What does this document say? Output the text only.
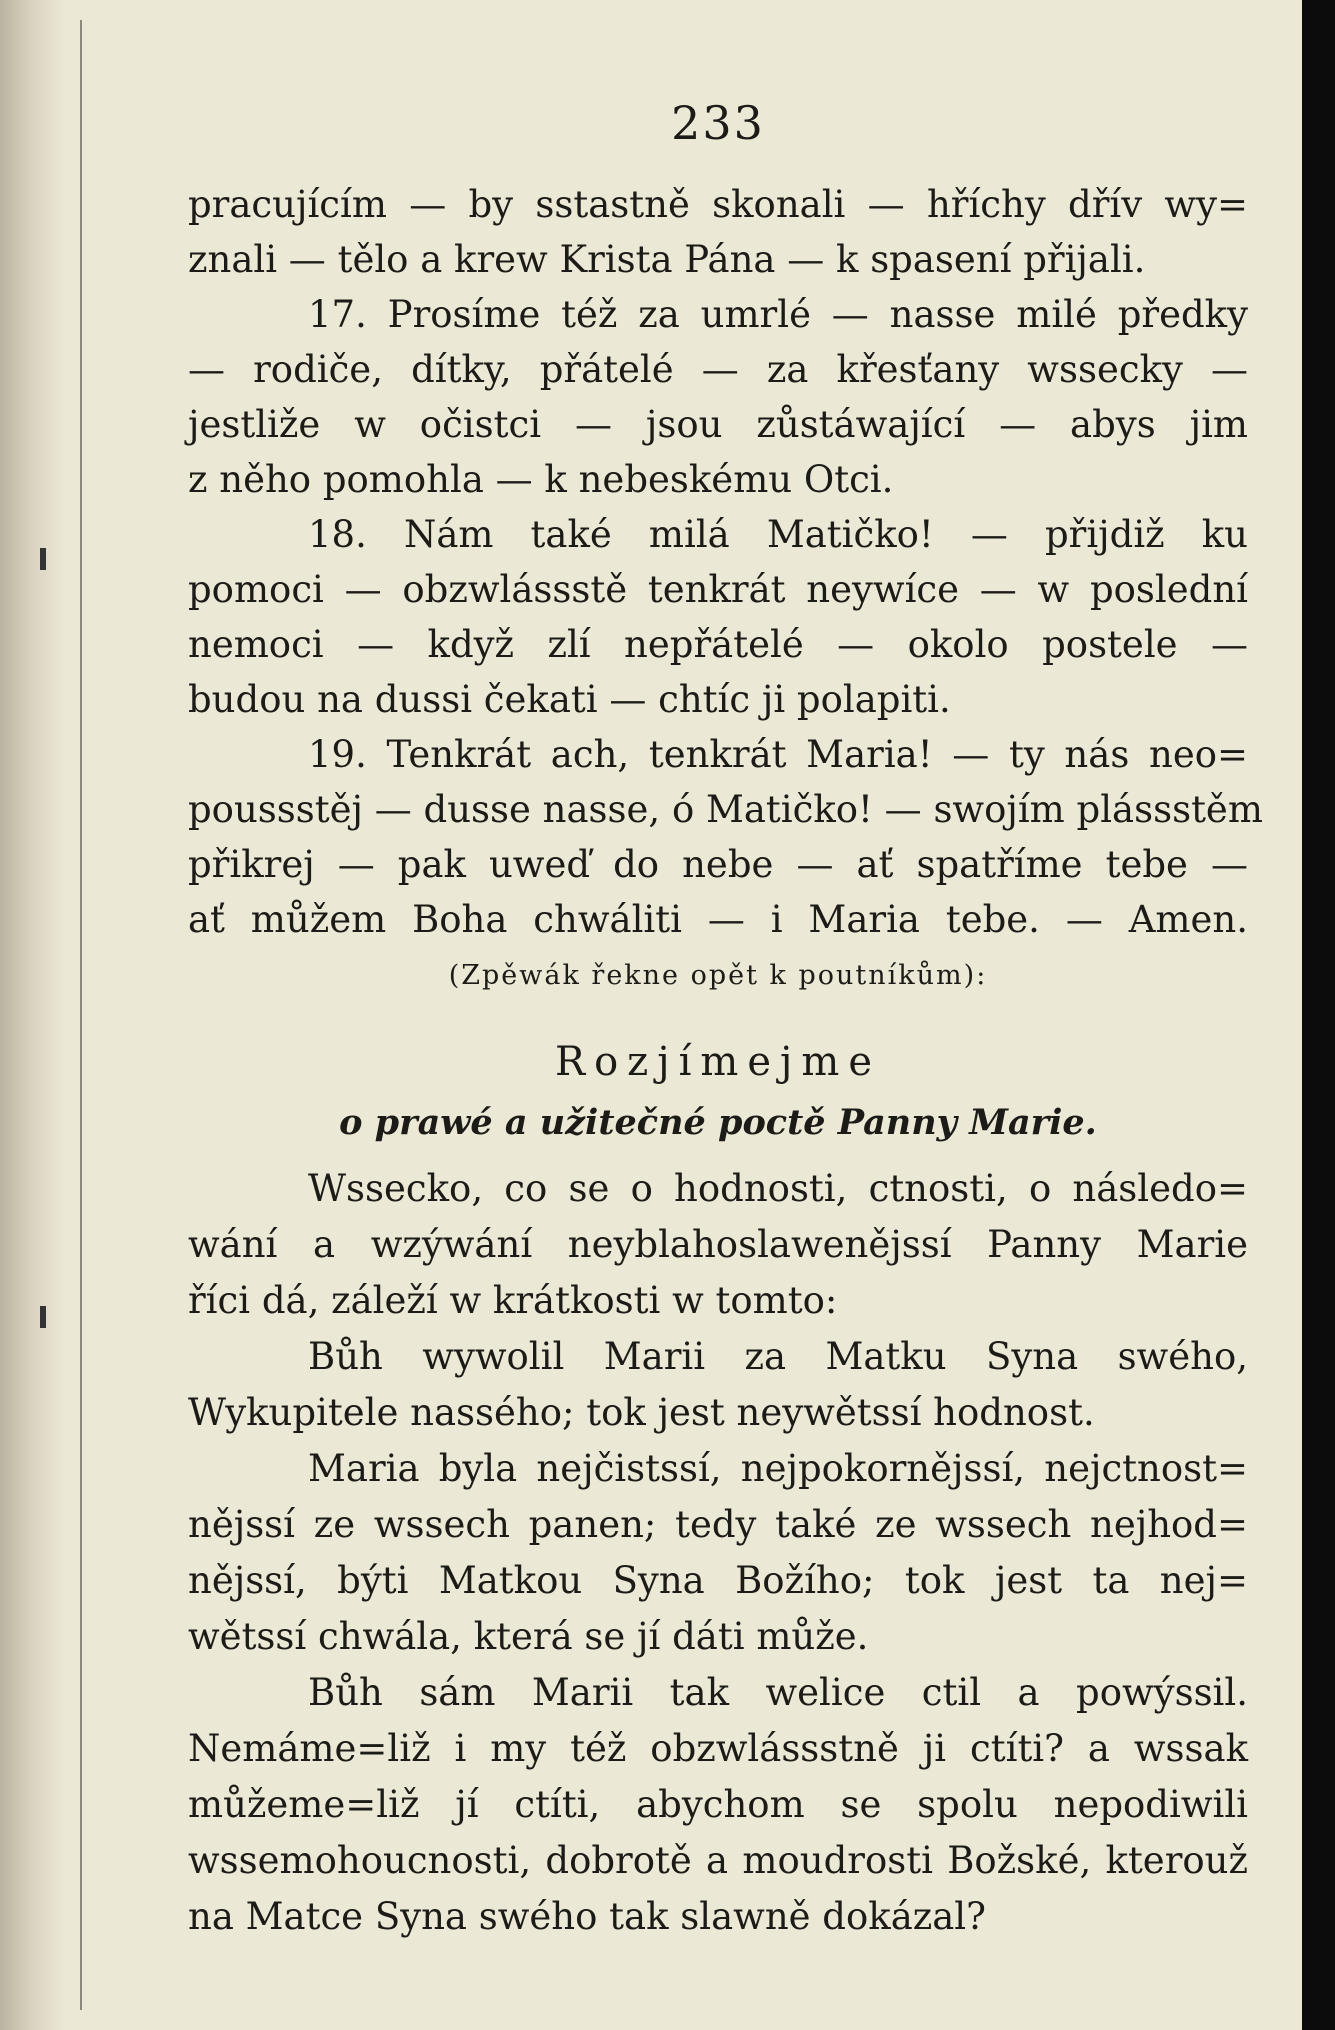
233
(Zpěwák řekne opět k poutníkům):
Rozjímejme
o prawé a užitečné poctě Panny Marie.
pracujícím — by sstastně skonali — hříchy dřív wy=
znali — tělo a krew Krista Pána — k spasení přijali.
17. Prosíme též za umrlé — nasse milé předky
— rodiče, dítky, přátelé — za křesťany wssecky —
jestliže w očistci — jsou zůstáwající — abys jim
z něho pomohla — k nebeskému Otci.
18. Nám také milá Matičko! — přijdiž ku
pomoci — obzwlássstě tenkrát neywíce — w poslední
nemoci — když zlí nepřátelé — okolo postele —
budou na dussi čekati — chtíc ji polapiti.
19. Tenkrát ach, tenkrát Maria! — ty nás neo=
poussstěj — dusse nasse, ó Matičko! — swojím plássstěm
přikrej — pak uweď do nebe — ať spatříme tebe —
ať můžem Boha chwáliti — i Maria tebe. — Amen.
Wssecko, co se o hodnosti, ctnosti, o následo=
wání a wzýwání neyblahoslawenějssí Panny Marie
říci dá, záleží w krátkosti w tomto:
Bůh wywolil Marii za Matku Syna swého,
Wykupitele nassého; tok jest neywětssí hodnost.
Maria byla nejčistssí, nejpokornějssí, nejctnost=
nějssí ze wssech panen; tedy také ze wssech nejhod=
nějssí, býti Matkou Syna Božího; tok jest ta nej=
wětssí chwála, která se jí dáti může.
Bůh sám Marii tak welice ctil a powýssil.
Nemáme=liž i my též obzwlássstně ji ctíti? a wssak
můžeme=liž jí ctíti, abychom se spolu nepodiwili
wssemohoucnosti, dobrotě a moudrosti Božské, kterouž
na Matce Syna swého tak slawně dokázal?
